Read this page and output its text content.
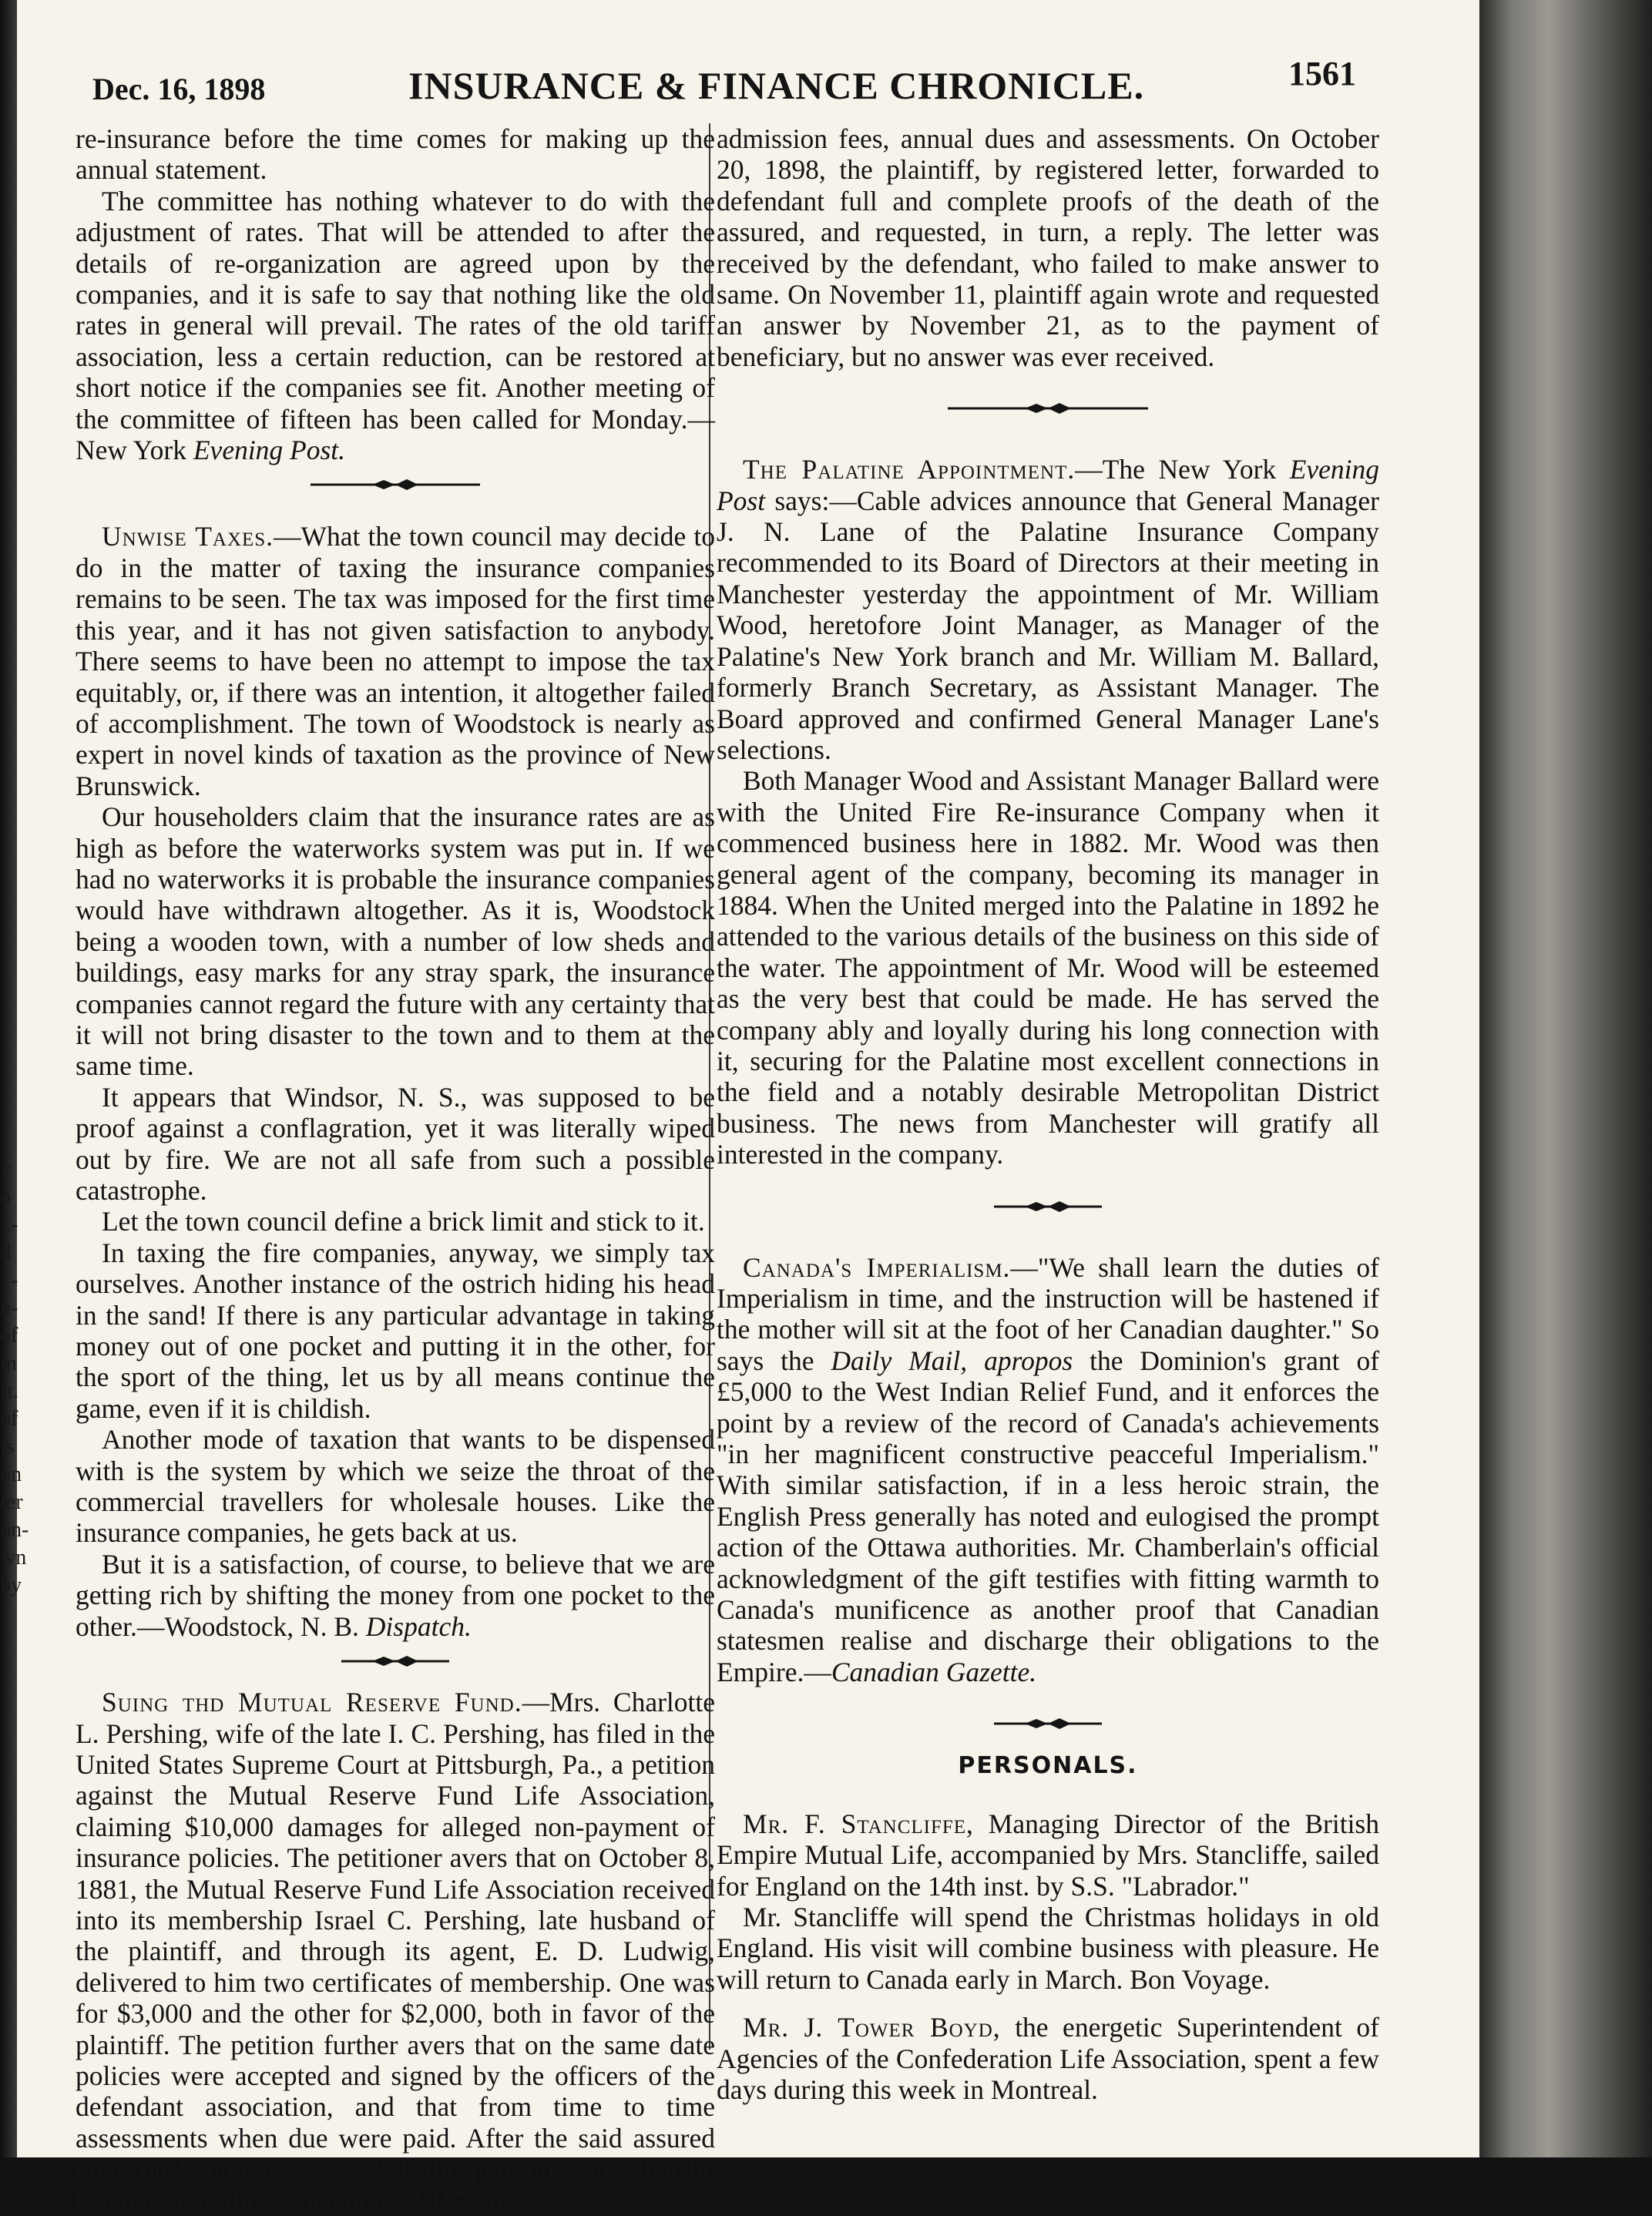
y
o
1-
d
1-
n-
of
in
rt.
of
is
on
ter
on-
wn
by
Dec. 16, 1898	INSURANCE & FINANCE CHRONICLE.	1561

re-insurance before the time comes for making up the annual statement.

The committee has nothing whatever to do with the adjustment of rates. That will be attended to after the details of re-organization are agreed upon by the companies, and it is safe to say that nothing like the old rates in general will prevail. The rates of the old tariff association, less a certain reduction, can be restored at short notice if the companies see fit. Another meeting of the committee of fifteen has been called for Monday.—New York Evening Post.

Unwise Taxes.—What the town council may decide to do in the matter of taxing the insurance companies remains to be seen. The tax was imposed for the first time this year, and it has not given satisfaction to anybody. There seems to have been no attempt to impose the tax equitably, or, if there was an intention, it altogether failed of accomplishment. The town of Woodstock is nearly as expert in novel kinds of taxation as the province of New Brunswick.

Our householders claim that the insurance rates are as high as before the waterworks system was put in. If we had no waterworks it is probable the insurance companies would have withdrawn altogether. As it is, Woodstock being a wooden town, with a number of low sheds and buildings, easy marks for any stray spark, the insurance companies cannot regard the future with any certainty that it will not bring disaster to the town and to them at the same time.

It appears that Windsor, N. S., was supposed to be proof against a conflagration, yet it was literally wiped out by fire. We are not all safe from such a possible catastrophe.

Let the town council define a brick limit and stick to it.

In taxing the fire companies, anyway, we simply tax ourselves. Another instance of the ostrich hiding his head in the sand! If there is any particular advantage in taking money out of one pocket and putting it in the other, for the sport of the thing, let us by all means continue the game, even if it is childish.

Another mode of taxation that wants to be dispensed with is the system by which we seize the throat of the commercial travellers for wholesale houses. Like the insurance companies, he gets back at us.

But it is a satisfaction, of course, to believe that we are getting rich by shifting the money from one pocket to the other.—Woodstock, N. B. Dispatch.

Suing thd Mutual Reserve Fund.—Mrs. Charlotte L. Pershing, wife of the late I. C. Pershing, has filed in the United States Supreme Court at Pittsburgh, Pa., a petition against the Mutual Reserve Fund Life Association, claiming $10,000 damages for alleged non-payment of insurance policies. The petitioner avers that on October 8, 1881, the Mutual Reserve Fund Life Association received into its membership Israel C. Pershing, late husband of the plaintiff, and through its agent, E. D. Ludwig, delivered to him two certificates of membership. One was for $3,000 and the other for $2,000, both in favor of the plaintiff. The petition further avers that on the same date policies were accepted and signed by the officers of the defendant association, and that from time to time assessments when due were paid. After the said assured died, on September 12, 1898, the petition states that he had paid into the association $2,117, in

admission fees, annual dues and assessments. On October 20, 1898, the plaintiff, by registered letter, forwarded to defendant full and complete proofs of the death of the assured, and requested, in turn, a reply. The letter was received by the defendant, who failed to make answer to same. On November 11, plaintiff again wrote and requested an answer by November 21, as to the payment of beneficiary, but no answer was ever received.

The Palatine Appointment.—The New York Evening Post says:—Cable advices announce that General Manager J. N. Lane of the Palatine Insurance Company recommended to its Board of Directors at their meeting in Manchester yesterday the appointment of Mr. William Wood, heretofore Joint Manager, as Manager of the Palatine's New York branch and Mr. William M. Ballard, formerly Branch Secretary, as Assistant Manager. The Board approved and confirmed General Manager Lane's selections.

Both Manager Wood and Assistant Manager Ballard were with the United Fire Re-insurance Company when it commenced business here in 1882. Mr. Wood was then general agent of the company, becoming its manager in 1884. When the United merged into the Palatine in 1892 he attended to the various details of the business on this side of the water. The appointment of Mr. Wood will be esteemed as the very best that could be made. He has served the company ably and loyally during his long connection with it, securing for the Palatine most excellent connections in the field and a notably desirable Metropolitan District business. The news from Manchester will gratify all interested in the company.

Canada's Imperialism.—"We shall learn the duties of Imperialism in time, and the instruction will be hastened if the mother will sit at the foot of her Canadian daughter." So says the Daily Mail, apropos the Dominion's grant of £5,000 to the West Indian Relief Fund, and it enforces the point by a review of the record of Canada's achievements "in her magnificent constructive peacceful Imperialism." With similar satisfaction, if in a less heroic strain, the English Press generally has noted and eulogised the prompt action of the Ottawa authorities. Mr. Chamberlain's official acknowledgment of the gift testifies with fitting warmth to Canada's munificence as another proof that Canadian statesmen realise and discharge their obligations to the Empire.—Canadian Gazette.

PERSONALS.

Mr. F. Stancliffe, Managing Director of the British Empire Mutual Life, accompanied by Mrs. Stancliffe, sailed for England on the 14th inst. by S.S. "Labrador."

Mr. Stancliffe will spend the Christmas holidays in old England. His visit will combine business with pleasure. He will return to Canada early in March. Bon Voyage.

Mr. J. Tower Boyd, the energetic Superintendent of Agencies of the Confederation Life Association, spent a few days during this week in Montreal.
